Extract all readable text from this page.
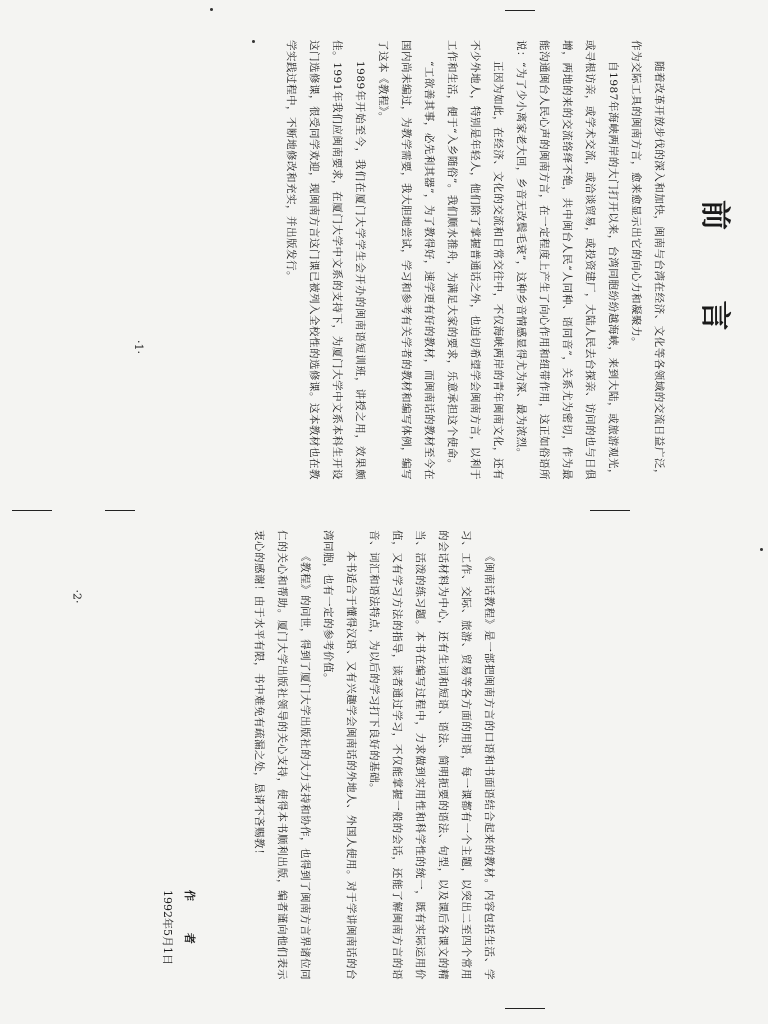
前 言

随着改革开放步伐的深入和加快，闽南与台湾在经济、文化等各领域的交流日益广泛，作为交际工具的闽南方言，愈来愈显示出它的向心力和凝聚力。

自1987年海峡两岸的大门打开以来，台湾同胞纷纷越海峡，来到大陆，或旅游观光，或寻根访亲，或学术交流，或洽谈贸易，或投资建厂，大陆人民去台探亲、访问的也与日俱增，两地的来的交流络绎不绝，共中闽台人民“人同种、语同音”，关系尤为密切，作为最能沟通闽台人民心声的闽南方言，在一定程度上产生了向心作用和纽带作用，这正如俗语所说：“为了少小离家老大回，乡音无改鬓毛衰”，这种乡音情感显得尤为深、最为浓烈。

正因为如此，在经济、文化的交流和日常交往中，不仅海峡两岸的青年闽南文化，还有不少外地人，特别是年轻人，他们除了掌握普通话之外，也迫切希望学会闽南方言，以利于工作和生活，便于“入乡随俗”。我们顺水推舟，为满足大家的要求，乐意承担这个使命。

“工欲善其事，必先利其器”，为了教得好，速学更有好的教材，而闽南话的教材至今在国内尚未编过，为教学需要，我大胆地尝试，学习和参考有关学者的教材和编写体例，编写了这本《教程》。

1989年开始至今，我们在厦门大学学生会开办的闽南语短训班，讲授之用，效果颇佳。1991年我们应闽南要求，在厦门大学中文系的支持下，为厦门大学中文系本科生开设这门选修课，很受同学欢迎，现闽南方言这门课已被列入全校性的选修课。这本教材也在教学实践过程中，不断地修改和充实，并出版发行。

·1·

《闽南话教程》是一部把闽南方言的口语和书面语结合起来的教材。内容包括生活、学习、工作、交际、旅游、贸易等各方面的用语，每一课都有一个主题，以突出二至四个常用的会话材料为中心，还有生词和短语、语法、简明扼要的语法、句型，以及课后各课文的精当、活泼的练习题。本书在编写过程中，力求做到实用性和科学性的统一，既有实际运用价值，又有学习方法的指导，读者通过学习，不仅能掌握一般的会话，还能了解闽南方言的语音、词汇和语法特点，为以后的学习打下良好的基础。

本书适合于懂得汉语、又有兴趣学会闽南话的外地人、外国人使用。对于学讲闽南话的台湾同胞，也有一定的参考价值。

《教程》的问世，得到了厦门大学出版社的大力支持和协作，也得到了闽南方言界诸位同仁的关心和帮助。厦门大学出版社领导的关心支持，使得本书顺利出版，编者谨向他们表示衷心的感谢！由于水平有限，书中难免有疏漏之处，恳请不吝赐教！

作 者
1992年5月1日
·2·
